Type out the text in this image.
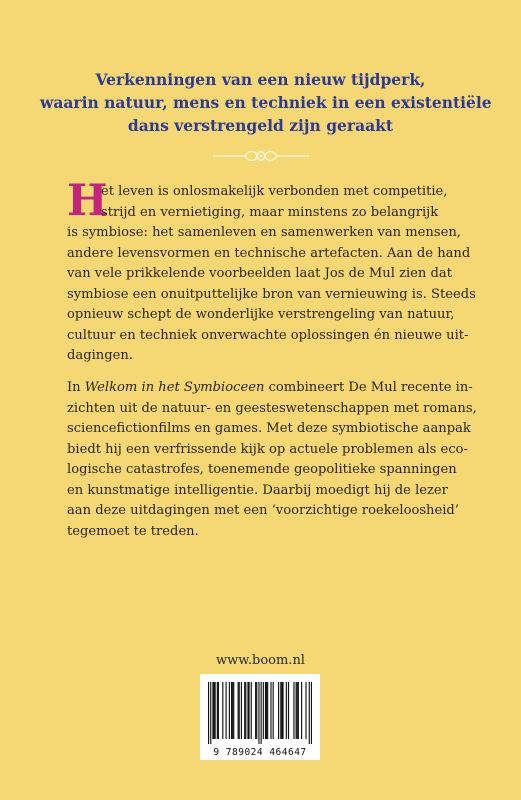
Verkenningen van een nieuw tijdperk,
waarin natuur, mens en techniek in een existentiële
dans verstrengeld zijn geraakt
H
et leven is onlosmakelijk verbonden met competitie,
strijd en vernietiging, maar minstens zo belangrijk
is symbiose: het samenleven en samenwerken van mensen,
andere levensvormen en technische artefacten. Aan de hand
van vele prikkelende voorbeelden laat Jos de Mul zien dat
symbiose een onuitputtelijke bron van vernieuwing is. Steeds
opnieuw schept de wonderlijke verstrengeling van natuur,
cultuur en techniek onverwachte oplossingen én nieuwe uit-
dagingen.
In Welkom in het Symbioceen combineert De Mul recente in-
zichten uit de natuur- en geesteswetenschappen met romans,
sciencefictionfilms en games. Met deze symbiotische aanpak
biedt hij een verfrissende kijk op actuele problemen als eco-
logische catastrofes, toenemende geopolitieke spanningen
en kunstmatige intelligentie. Daarbij moedigt hij de lezer
aan deze uitdagingen met een ‘voorzichtige roekeloosheid’
tegemoet te treden.
www.boom.nl
9 789024 464647
